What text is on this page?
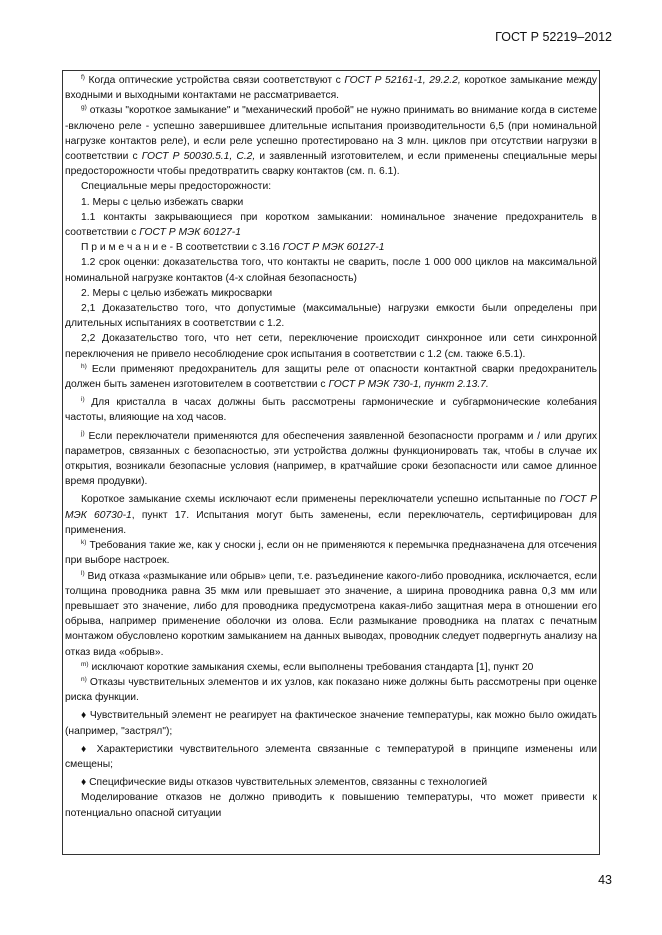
ГОСТ Р 52219–2012

$^{f)}$ Когда оптические устройства связи соответствуют с ГОСТ Р 52161-1, 29.2.2, короткое замыкание между входными и выходными контактами не рассматривается.

$^{g)}$ отказы "короткое замыкание" и "механический пробой" не нужно принимать во внимание когда в системе -включено реле - успешно завершившее длительные испытания производительности 6,5 (при номинальной нагрузке контактов реле), и если реле успешно протестировано на 3 млн. циклов при отсутствии нагрузки в соответствии с ГОСТ Р 50030.5.1, С.2, и заявленный изготовителем, и если применены специальные меры предосторожности чтобы предотвратить сварку контактов (см. п. 6.1).

Специальные меры предосторожности:

1. Меры с целью избежать сварки

1.1 контакты закрывающиеся при коротком замыкании: номинальное значение предохранитель в соответствии с ГОСТ Р МЭК 60127-1

П р и м е ч а н и е - В соответствии с 3.16 ГОСТ Р МЭК 60127-1

1.2 срок оценки: доказательства того, что контакты не сварить, после 1 000 000 циклов на максимальной номинальной нагрузке контактов (4-х слойная безопасность)

2. Меры с целью избежать микросварки

2,1 Доказательство того, что допустимые (максимальные) нагрузки емкости были определены при длительных испытаниях в соответствии с 1.2.

2,2 Доказательство того, что нет сети, переключение происходит синхронное или сети синхронной переключения не привело несоблюдение срок испытания в соответствии с 1.2 (см. также 6.5.1).

$^{h)}$ Если применяют предохранитель для защиты реле от опасности контактной сварки предохранитель должен быть заменен изготовителем в соответствии с ГОСТ Р МЭК 730-1, пункт 2.13.7.

$^{i)}$ Для кристалла в часах должны быть рассмотрены гармонические и субгармонические колебания частоты, влияющие на ход часов.

$^{j)}$ Если переключатели применяются для обеспечения заявленной безопасности программ и / или других параметров, связанных с безопасностью, эти устройства должны функционировать так, чтобы в случае их открытия, возникали безопасные условия (например, в кратчайшие сроки безопасности или самое длинное время продувки).

Короткое замыкание схемы исключают если применены переключатели успешно испытанные по ГОСТ Р МЭК 60730-1, пункт 17. Испытания могут быть заменены, если переключатель, сертифицирован для применения.

$^{k)}$ Требования такие же, как у сноски j, если он не применяются к перемычка предназначена для отсечения при выборе настроек.

$^{l)}$ Вид отказа «размыкание или обрыв» цепи, т.е. разъединение какого-либо проводника, исключается, если толщина проводника равна 35 мкм или превышает это значение, а ширина проводника равна 0,3 мм или превышает это значение, либо для проводника предусмотрена какая-либо защитная мера в отношении его обрыва, например применение оболочки из олова. Если размыкание проводника на платах с печатным монтажом обусловлено коротким замыканием на данных выводах, проводник следует подвергнуть анализу на отказ вида «обрыв».

$^{m)}$ исключают короткие замыкания схемы, если выполнены требования стандарта [1], пункт 20

$^{n)}$ Отказы чувствительных элементов и их узлов, как показано ниже должны быть рассмотрены при оценке риска функции.

♦ Чувствительный элемент не реагирует на фактическое значение температуры, как можно было ожидать (например, "застрял");

♦ Характеристики чувствительного элемента связанные с температурой в принципе изменены или смещены;

♦ Специфические виды отказов чувствительных элементов, связанны с технологией

Моделирование отказов не должно приводить к повышению температуры, что может привести к потенциально опасной ситуации

43
